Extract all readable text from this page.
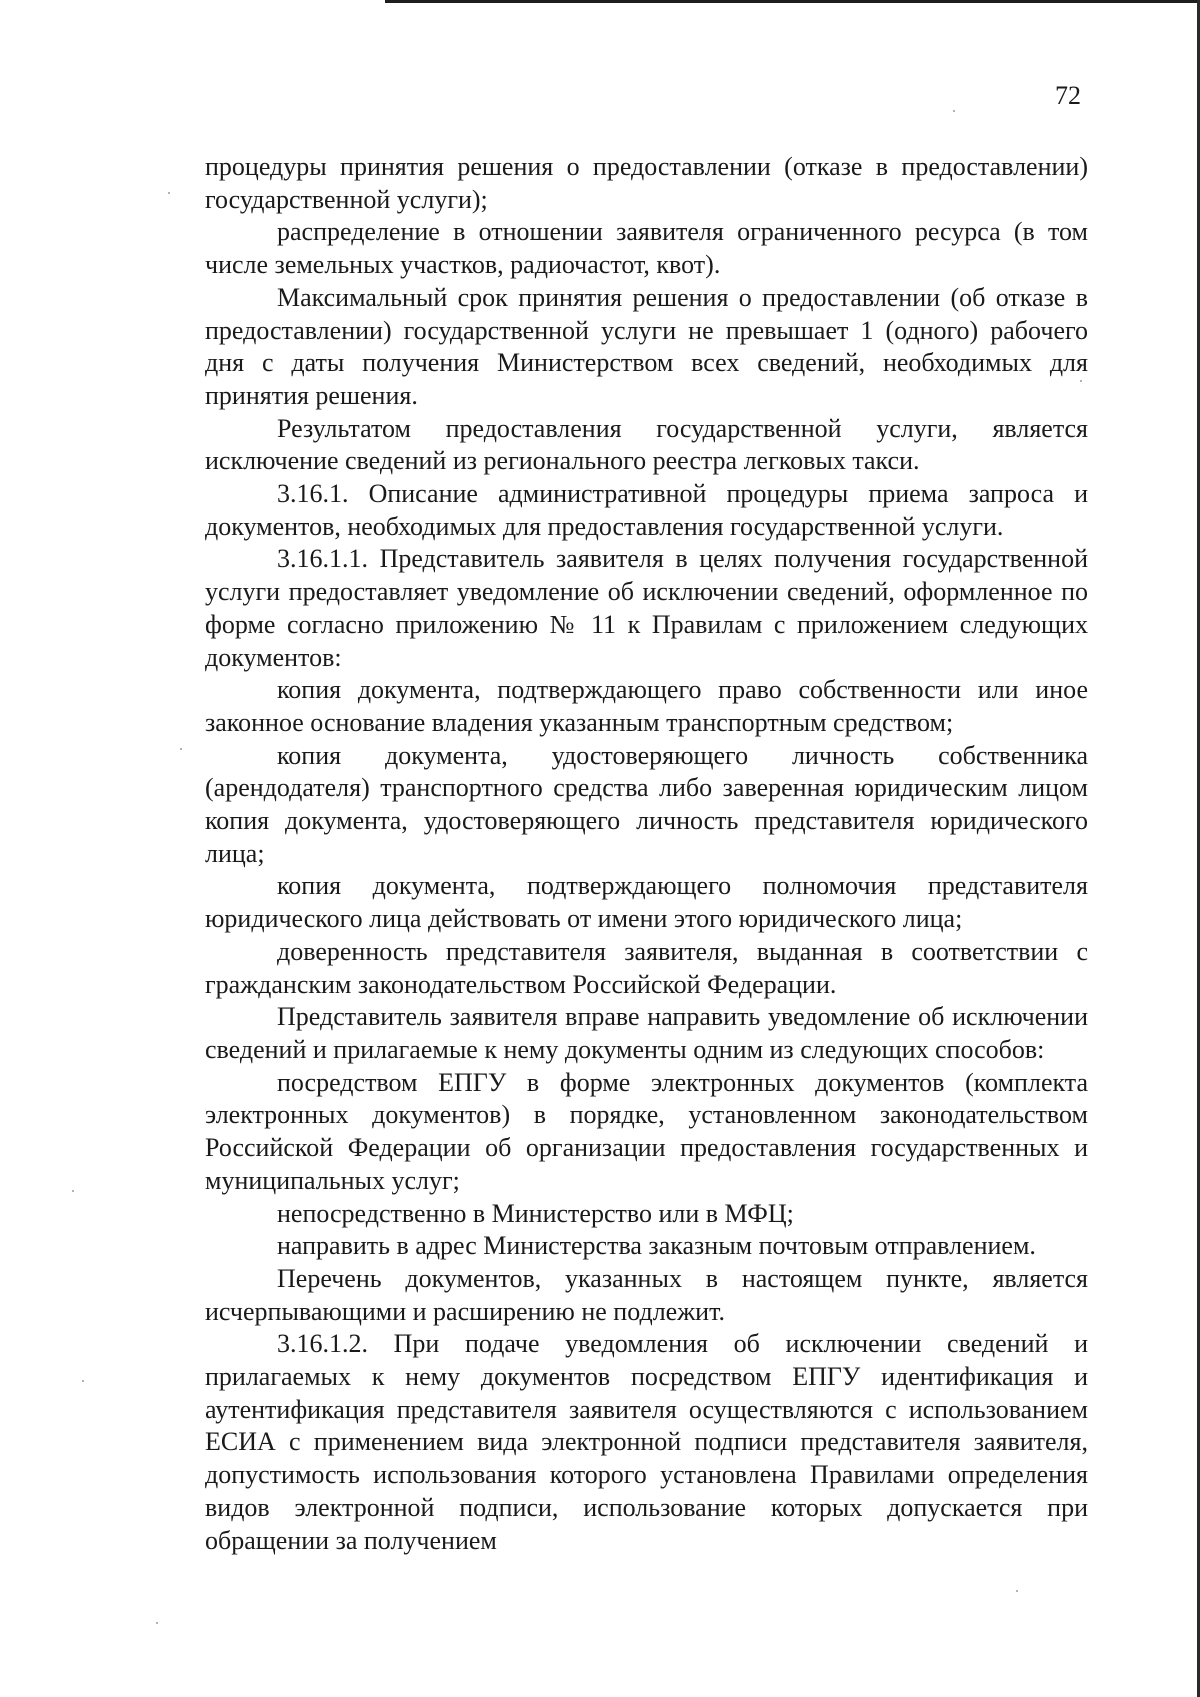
72

процедуры принятия решения о предоставлении (отказе в предоставлении) государственной услуги);

распределение в отношении заявителя ограниченного ресурса (в том числе земельных участков, радиочастот, квот).

Максимальный срок принятия решения о предоставлении (об отказе в предоставлении) государственной услуги не превышает 1 (одного) рабочего дня с даты получения Министерством всех сведений, необходимых для принятия решения.

Результатом предоставления государственной услуги, является исключение сведений из регионального реестра легковых такси.

3.16.1. Описание административной процедуры приема запроса и документов, необходимых для предоставления государственной услуги.

3.16.1.1. Представитель заявителя в целях получения государственной услуги предоставляет уведомление об исключении сведений, оформленное по форме согласно приложению № 11 к Правилам с приложением следующих документов:

копия документа, подтверждающего право собственности или иное законное основание владения указанным транспортным средством;

копия документа, удостоверяющего личность собственника (арендодателя) транспортного средства либо заверенная юридическим лицом копия документа, удостоверяющего личность представителя юридического лица;

копия документа, подтверждающего полномочия представителя юридического лица действовать от имени этого юридического лица;

доверенность представителя заявителя, выданная в соответствии с гражданским законодательством Российской Федерации.

Представитель заявителя вправе направить уведомление об исключении сведений и прилагаемые к нему документы одним из следующих способов:

посредством ЕПГУ в форме электронных документов (комплекта электронных документов) в порядке, установленном законодательством Российской Федерации об организации предоставления государственных и муниципальных услуг;

непосредственно в Министерство или в МФЦ;

направить в адрес Министерства заказным почтовым отправлением.

Перечень документов, указанных в настоящем пункте, является исчерпывающими и расширению не подлежит.

3.16.1.2. При подаче уведомления об исключении сведений и прилагаемых к нему документов посредством ЕПГУ идентификация и аутентификация представителя заявителя осуществляются с использованием ЕСИА с применением вида электронной подписи представителя заявителя, допустимость использования которого установлена Правилами определения видов электронной подписи, использование которых допускается при обращении за получением
